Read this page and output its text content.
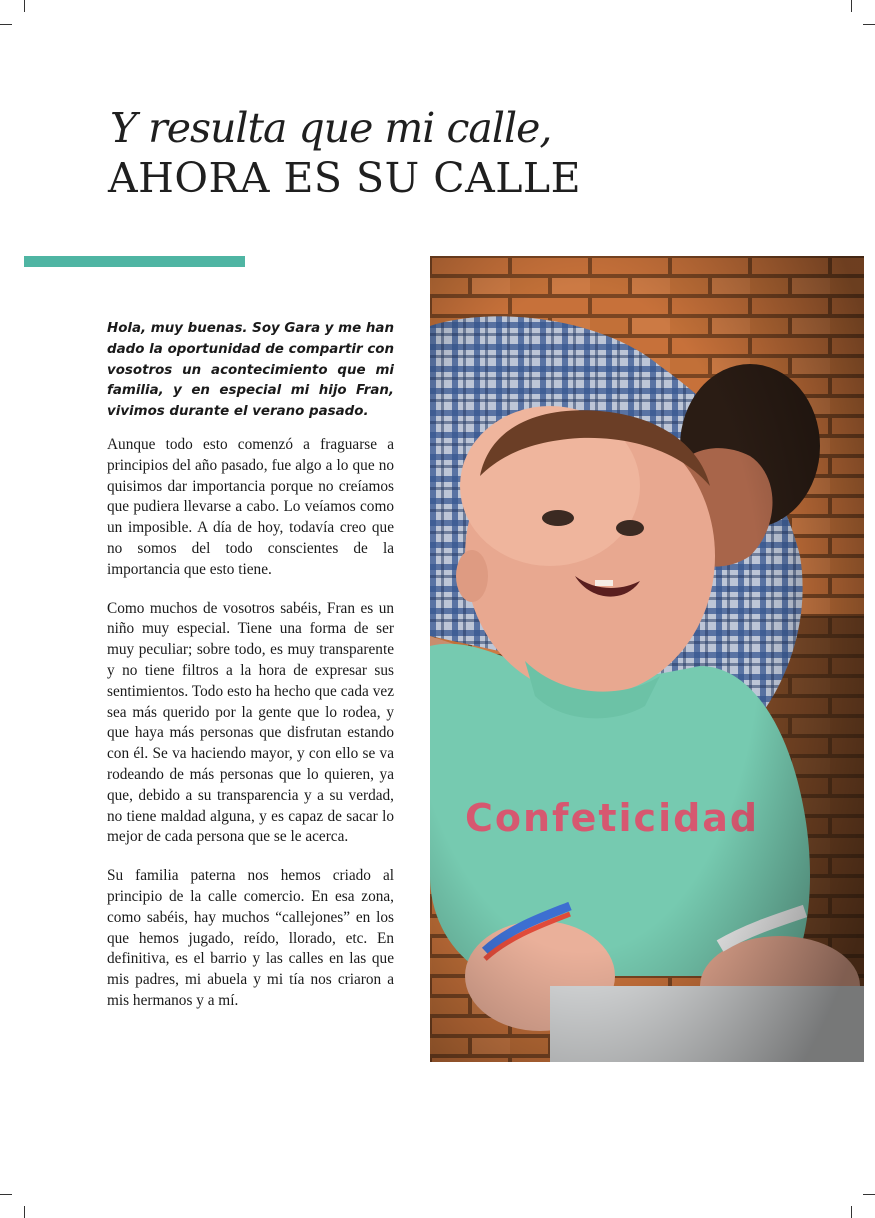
Y resulta que mi calle,
AHORA ES SU CALLE

Hola, muy buenas. Soy Gara y me han dado la oportunidad de compartir con vosotros un acontecimiento que mi familia, y en especial mi hijo Fran, vivimos durante el verano pasado.

Aunque todo esto comenzó a fraguarse a principios del año pasado, fue algo a lo que no quisimos dar importancia porque no creíamos que pudiera llevarse a cabo. Lo veíamos como un imposible. A día de hoy, todavía creo que no somos del todo conscientes de la importancia que esto tiene.

Como muchos de vosotros sabéis, Fran es un niño muy especial. Tiene una forma de ser muy peculiar; sobre todo, es muy transparente y no tiene filtros a la hora de expresar sus sentimientos. Todo esto ha hecho que cada vez sea más querido por la gente que lo rodea, y que haya más personas que disfrutan estando con él. Se va haciendo mayor, y con ello se va rodeando de más personas que lo quieren, ya que, debido a su transparencia y a su verdad, no tiene maldad alguna, y es capaz de sacar lo mejor de cada persona que se le acerca.

Su familia paterna nos hemos criado al principio de la calle comercio. En esa zona, como sabéis, hay muchos “callejones” en los que hemos jugado, reído, llorado, etc. En definitiva, es el barrio y las calles en las que mis padres, mi abuela y mi tía nos criaron a mis hermanos y a mí.
